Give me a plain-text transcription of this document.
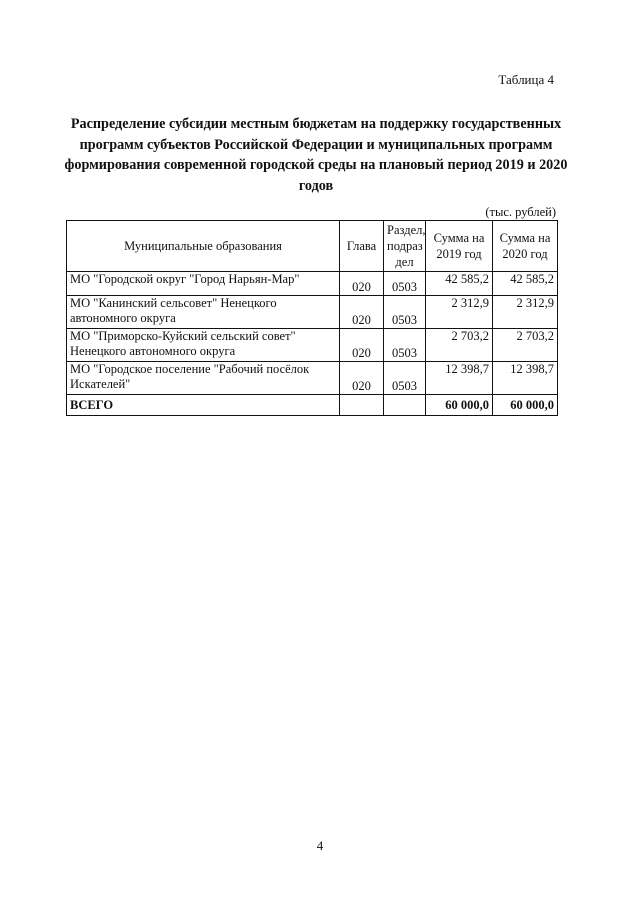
Таблица 4
Распределение субсидии местным бюджетам на поддержку государственных программ субъектов Российской Федерации и муниципальных программ формирования современной городской среды на плановый период 2019 и 2020 годов
(тыс. рублей)
Муниципальные образования	Глава	Раздел, подраз дел	Сумма на 2019 год	Сумма на 2020 год
МО "Городской округ "Город Нарьян-Мар"	020	0503	42 585,2	42 585,2
МО "Канинский сельсовет" Ненецкого автономного округа	020	0503	2 312,9	2 312,9
МО "Приморско-Куйский сельский совет" Ненецкого автономного округа	020	0503	2 703,2	2 703,2
МО "Городское поселение "Рабочий посёлок Искателей"	020	0503	12 398,7	12 398,7
ВСЕГО			60 000,0	60 000,0
4
